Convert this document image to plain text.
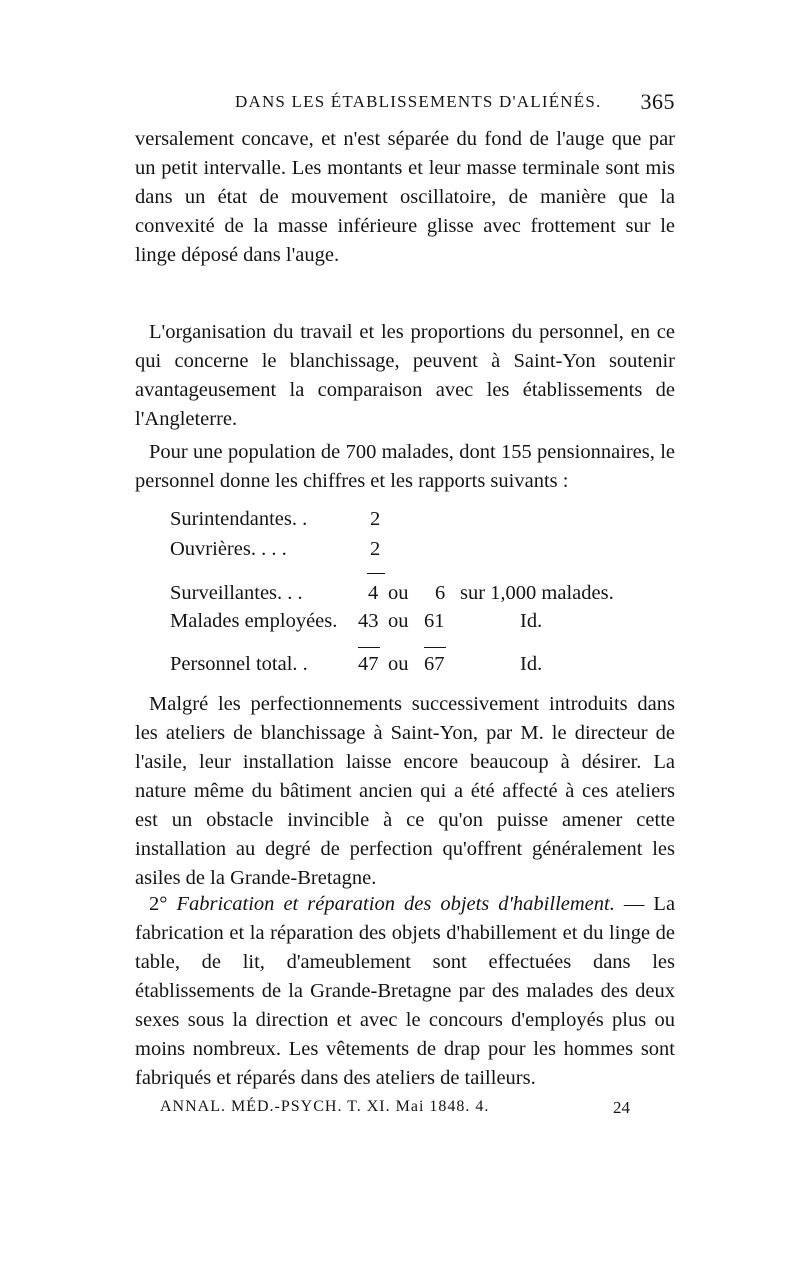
DANS LES ÉTABLISSEMENTS D'ALIÉNÉS. 365

versalement concave, et n'est séparée du fond de l'auge que par un petit intervalle. Les montants et leur masse terminale sont mis dans un état de mouvement oscillatoire, de manière que la convexité de la masse inférieure glisse avec frottement sur le linge déposé dans l'auge.

L'organisation du travail et les proportions du personnel, en ce qui concerne le blanchissage, peuvent à Saint-Yon soutenir avantageusement la comparaison avec les établissements de l'Angleterre.

Pour une population de 700 malades, dont 155 pensionnaires, le personnel donne les chiffres et les rapports suivants :

Surintendantes. .	2
Ouvrières. . . .	2
Surveillantes. . .	4 ou 6 sur 1,000 malades.
Malades employées. 43 ou 61	Id.
Personnel total. . 47 ou 67	Id.

Malgré les perfectionnements successivement introduits dans les ateliers de blanchissage à Saint-Yon, par M. le directeur de l'asile, leur installation laisse encore beaucoup à désirer. La nature même du bâtiment ancien qui a été affecté à ces ateliers est un obstacle invincible à ce qu'on puisse amener cette installation au degré de perfection qu'offrent généralement les asiles de la Grande-Bretagne.

2° Fabrication et réparation des objets d'habillement. — La fabrication et la réparation des objets d'habillement et du linge de table, de lit, d'ameublement sont effectuées dans les établissements de la Grande-Bretagne par des malades des deux sexes sous la direction et avec le concours d'employés plus ou moins nombreux. Les vêtements de drap pour les hommes sont fabriqués et réparés dans des ateliers de tailleurs.

ANNAL. MÉD.-PSYCH. T. XI. Mai 1848. 4.	24
